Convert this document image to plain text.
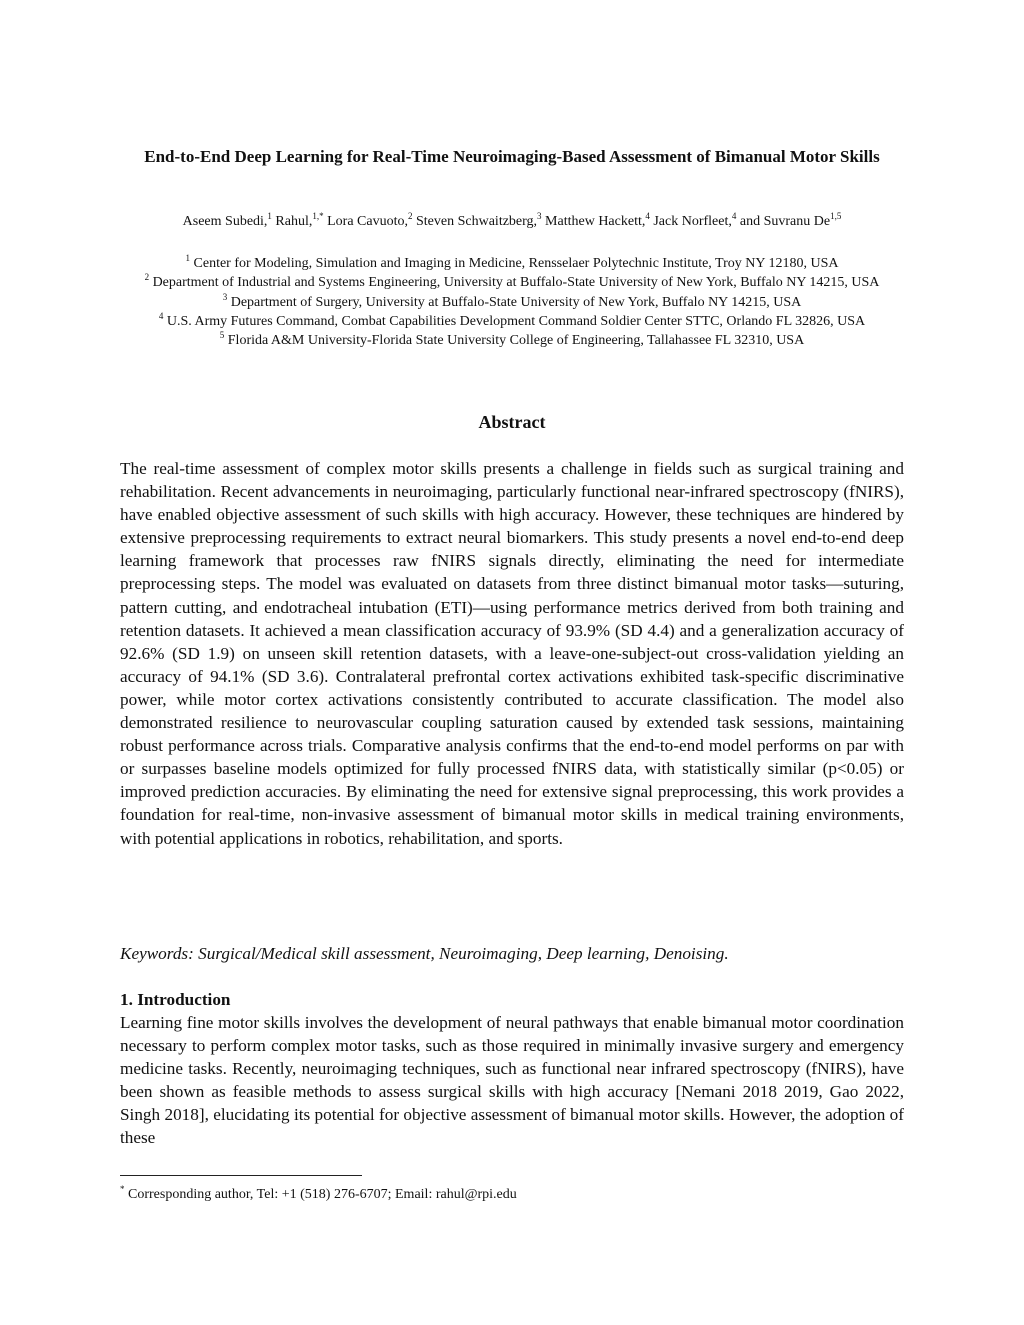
End-to-End Deep Learning for Real-Time Neuroimaging-Based Assessment of Bimanual Motor Skills
Aseem Subedi,$^1$ Rahul,$^{1,*}$ Lora Cavuoto,$^2$ Steven Schwaitzberg,$^3$ Matthew Hackett,$^4$ Jack Norfleet,$^4$ and Suvranu De$^{1,5}$
$^1$ Center for Modeling, Simulation and Imaging in Medicine, Rensselaer Polytechnic Institute, Troy NY 12180, USA
$^2$ Department of Industrial and Systems Engineering, University at Buffalo-State University of New York, Buffalo NY 14215, USA
$^3$ Department of Surgery, University at Buffalo-State University of New York, Buffalo NY 14215, USA
$^4$ U.S. Army Futures Command, Combat Capabilities Development Command Soldier Center STTC, Orlando FL 32826, USA
$^5$ Florida A&M University-Florida State University College of Engineering, Tallahassee FL 32310, USA
Abstract

The real-time assessment of complex motor skills presents a challenge in fields such as surgical training and rehabilitation. Recent advancements in neuroimaging, particularly functional near-infrared spectroscopy (fNIRS), have enabled objective assessment of such skills with high accuracy. However, these techniques are hindered by extensive preprocessing requirements to extract neural biomarkers. This study presents a novel end-to-end deep learning framework that processes raw fNIRS signals directly, eliminating the need for intermediate preprocessing steps. The model was evaluated on datasets from three distinct bimanual motor tasks—suturing, pattern cutting, and endotracheal intubation (ETI)—using performance metrics derived from both training and retention datasets. It achieved a mean classification accuracy of 93.9% (SD 4.4) and a generalization accuracy of 92.6% (SD 1.9) on unseen skill retention datasets, with a leave-one-subject-out cross-validation yielding an accuracy of 94.1% (SD 3.6). Contralateral prefrontal cortex activations exhibited task-specific discriminative power, while motor cortex activations consistently contributed to accurate classification. The model also demonstrated resilience to neurovascular coupling saturation caused by extended task sessions, maintaining robust performance across trials. Comparative analysis confirms that the end-to-end model performs on par with or surpasses baseline models optimized for fully processed fNIRS data, with statistically similar (p<0.05) or improved prediction accuracies. By eliminating the need for extensive signal preprocessing, this work provides a foundation for real-time, non-invasive assessment of bimanual motor skills in medical training environments, with potential applications in robotics, rehabilitation, and sports.

Keywords: Surgical/Medical skill assessment, Neuroimaging, Deep learning, Denoising.

1. Introduction

Learning fine motor skills involves the development of neural pathways that enable bimanual motor coordination necessary to perform complex motor tasks, such as those required in minimally invasive surgery and emergency medicine tasks. Recently, neuroimaging techniques, such as functional near infrared spectroscopy (fNIRS), have been shown as feasible methods to assess surgical skills with high accuracy [Nemani 2018 2019, Gao 2022, Singh 2018], elucidating its potential for objective assessment of bimanual motor skills. However, the adoption of these

* Corresponding author, Tel: +1 (518) 276-6707; Email: rahul@rpi.edu
